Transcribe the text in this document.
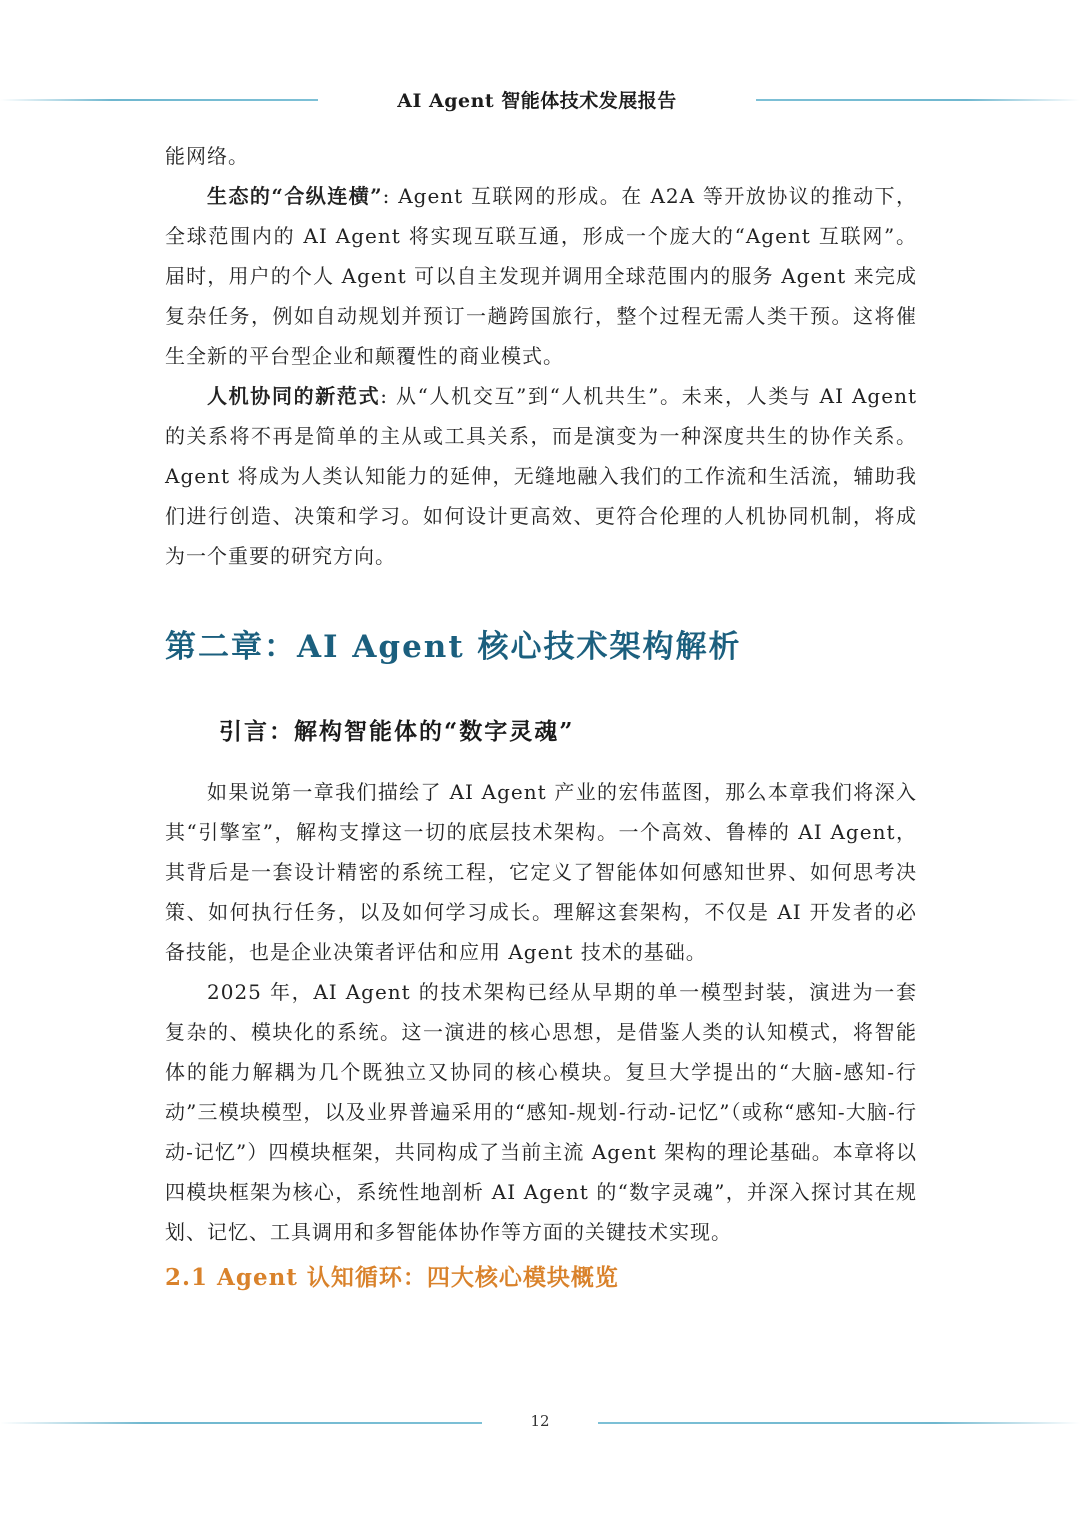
AI Agent 智能体技术发展报告

能网络。

生态的“合纵连横”: Agent 互联网的形成。在 A2A 等开放协议的推动下，全球范围内的 AI Agent 将实现互联互通，形成一个庞大的“Agent 互联网”。届时，用户的个人 Agent 可以自主发现并调用全球范围内的服务 Agent 来完成复杂任务，例如自动规划并预订一趟跨国旅行，整个过程无需人类干预。这将催生全新的平台型企业和颠覆性的商业模式。

人机协同的新范式: 从“人机交互”到“人机共生”。未来，人类与 AI Agent 的关系将不再是简单的主从或工具关系，而是演变为一种深度共生的协作关系。Agent 将成为人类认知能力的延伸，无缝地融入我们的工作流和生活流，辅助我们进行创造、决策和学习。如何设计更高效、更符合伦理的人机协同机制，将成为一个重要的研究方向。

第二章：AI Agent 核心技术架构解析
引言：解构智能体的“数字灵魂”

如果说第一章我们描绘了 AI Agent 产业的宏伟蓝图，那么本章我们将深入其“引擎室”，解构支撑这一切的底层技术架构。一个高效、鲁棒的 AI Agent，其背后是一套设计精密的系统工程，它定义了智能体如何感知世界、如何思考决策、如何执行任务，以及如何学习成长。理解这套架构，不仅是 AI 开发者的必备技能，也是企业决策者评估和应用 Agent 技术的基础。

2025 年，AI Agent 的技术架构已经从早期的单一模型封装，演进为一套复杂的、模块化的系统。这一演进的核心思想，是借鉴人类的认知模式，将智能体的能力解耦为几个既独立又协同的核心模块。复旦大学提出的“大脑-感知-行动”三模块模型，以及业界普遍采用的“感知-规划-行动-记忆”（或称“感知-大脑-行动-记忆”）四模块框架，共同构成了当前主流 Agent 架构的理论基础。本章将以四模块框架为核心，系统性地剖析 AI Agent 的“数字灵魂”，并深入探讨其在规划、记忆、工具调用和多智能体协作等方面的关键技术实现。

2.1 Agent 认知循环：四大核心模块概览
12
